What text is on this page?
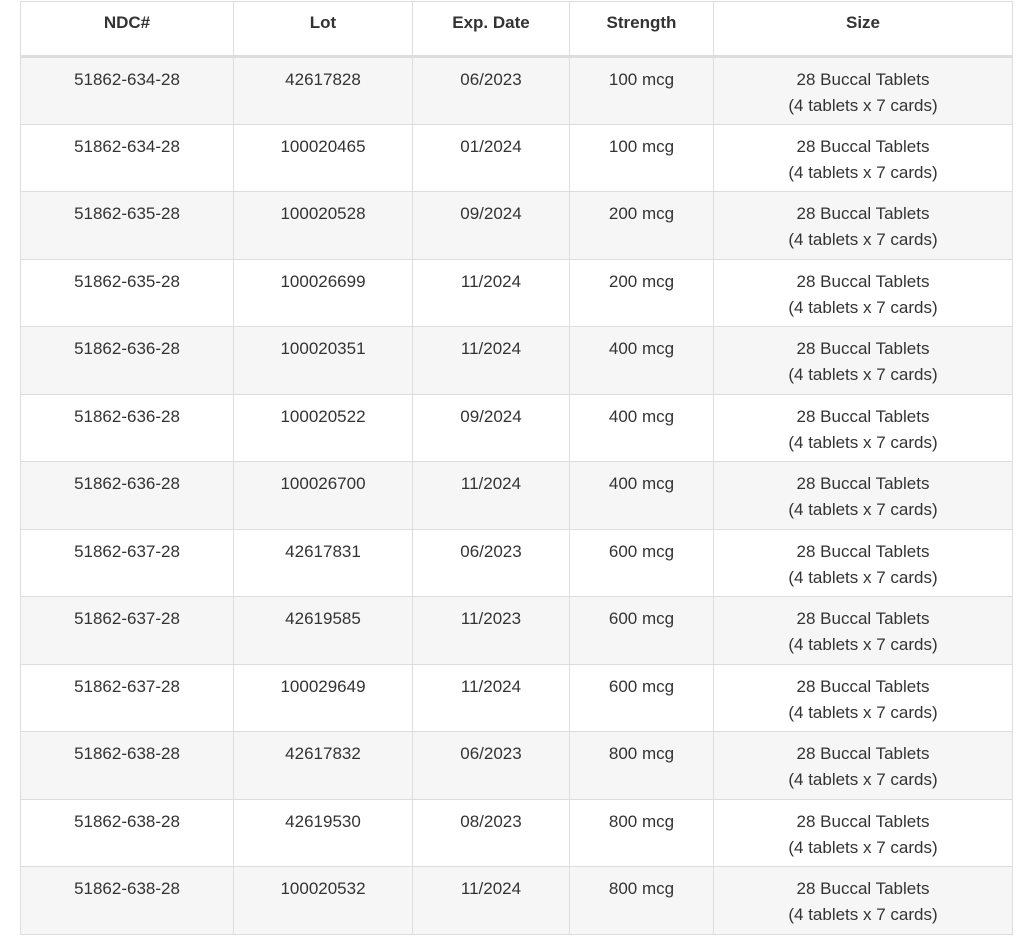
NDC#	Lot	Exp. Date	Strength	Size
51862-634-28	42617828	06/2023	100 mcg	28 Buccal Tablets
(4 tablets x 7 cards)

51862-634-28	100020465	01/2024	100 mcg	28 Buccal Tablets
(4 tablets x 7 cards)

51862-635-28	100020528	09/2024	200 mcg	28 Buccal Tablets
(4 tablets x 7 cards)

51862-635-28	100026699	11/2024	200 mcg	28 Buccal Tablets
(4 tablets x 7 cards)

51862-636-28	100020351	11/2024	400 mcg	28 Buccal Tablets
(4 tablets x 7 cards)

51862-636-28	100020522	09/2024	400 mcg	28 Buccal Tablets
(4 tablets x 7 cards)

51862-636-28	100026700	11/2024	400 mcg	28 Buccal Tablets
(4 tablets x 7 cards)

51862-637-28	42617831	06/2023	600 mcg	28 Buccal Tablets
(4 tablets x 7 cards)

51862-637-28	42619585	11/2023	600 mcg	28 Buccal Tablets
(4 tablets x 7 cards)

51862-637-28	100029649	11/2024	600 mcg	28 Buccal Tablets
(4 tablets x 7 cards)

51862-638-28	42617832	06/2023	800 mcg	28 Buccal Tablets
(4 tablets x 7 cards)

51862-638-28	42619530	08/2023	800 mcg	28 Buccal Tablets
(4 tablets x 7 cards)

51862-638-28	100020532	11/2024	800 mcg	28 Buccal Tablets
(4 tablets x 7 cards)
